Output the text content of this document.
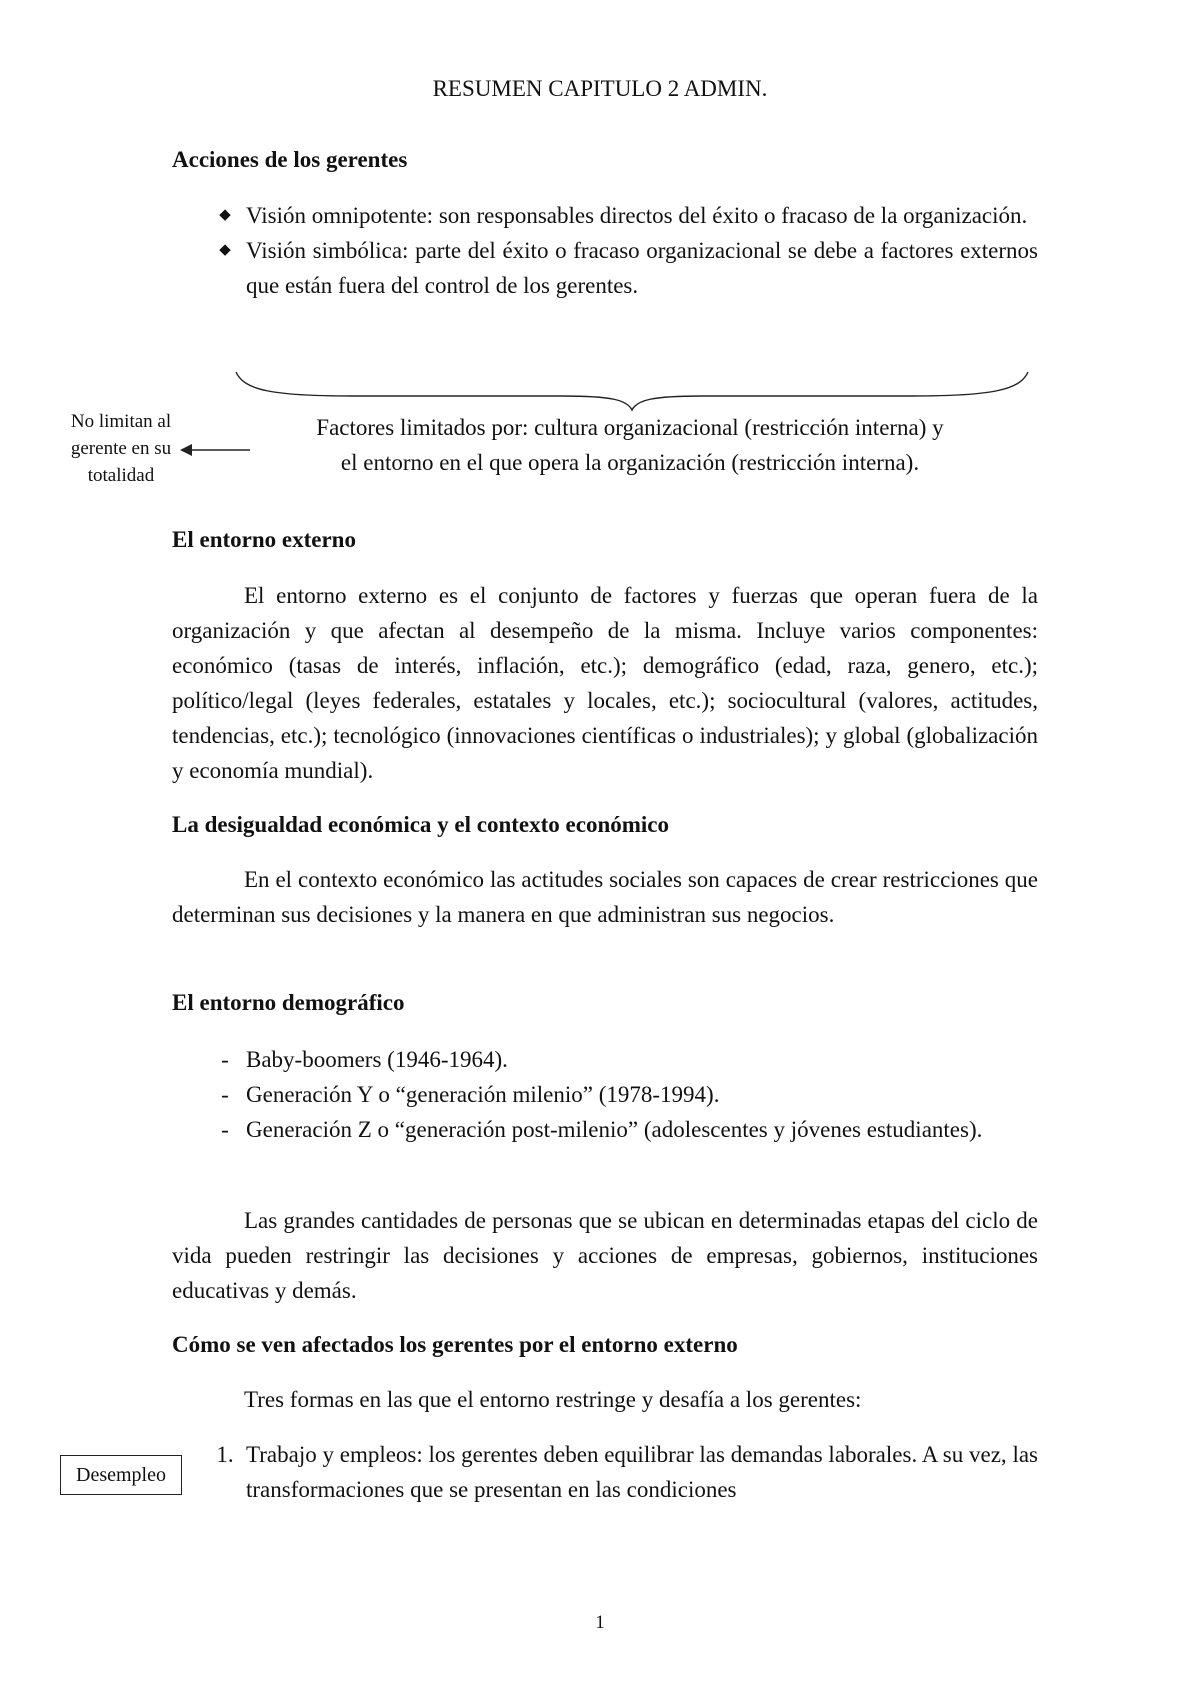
RESUMEN CAPITULO 2 ADMIN.
Acciones de los gerentes
◆ Visión omnipotente: son responsables directos del éxito o fracaso de la organización.
◆ Visión simbólica: parte del éxito o fracaso organizacional se debe a factores externos que están fuera del control de los gerentes.
Factores limitados por: cultura organizacional (restricción interna) y
el entorno en el que opera la organización (restricción interna).
No limitan al
gerente en su
totalidad
El entorno externo

El entorno externo es el conjunto de factores y fuerzas que operan fuera de la organización y que afectan al desempeño de la misma. Incluye varios componentes: económico (tasas de interés, inflación, etc.); demográfico (edad, raza, genero, etc.); político/legal (leyes federales, estatales y locales, etc.); sociocultural (valores, actitudes, tendencias, etc.); tecnológico (innovaciones científicas o industriales); y global (globalización y economía mundial).

La desigualdad económica y el contexto económico

En el contexto económico las actitudes sociales son capaces de crear restricciones que determinan sus decisiones y la manera en que administran sus negocios.

El entorno demográfico
- Baby-boomers (1946-1964).
- Generación Y o “generación milenio” (1978-1994).
- Generación Z o “generación post-milenio” (adolescentes y jóvenes estudiantes).

Las grandes cantidades de personas que se ubican en determinadas etapas del ciclo de vida pueden restringir las decisiones y acciones de empresas, gobiernos, instituciones educativas y demás.

Cómo se ven afectados los gerentes por el entorno externo

Tres formas en las que el entorno restringe y desafía a los gerentes:

1. Trabajo y empleos: los gerentes deben equilibrar las demandas laborales. A su vez, las transformaciones que se presentan en las condiciones
Desempleo
1
